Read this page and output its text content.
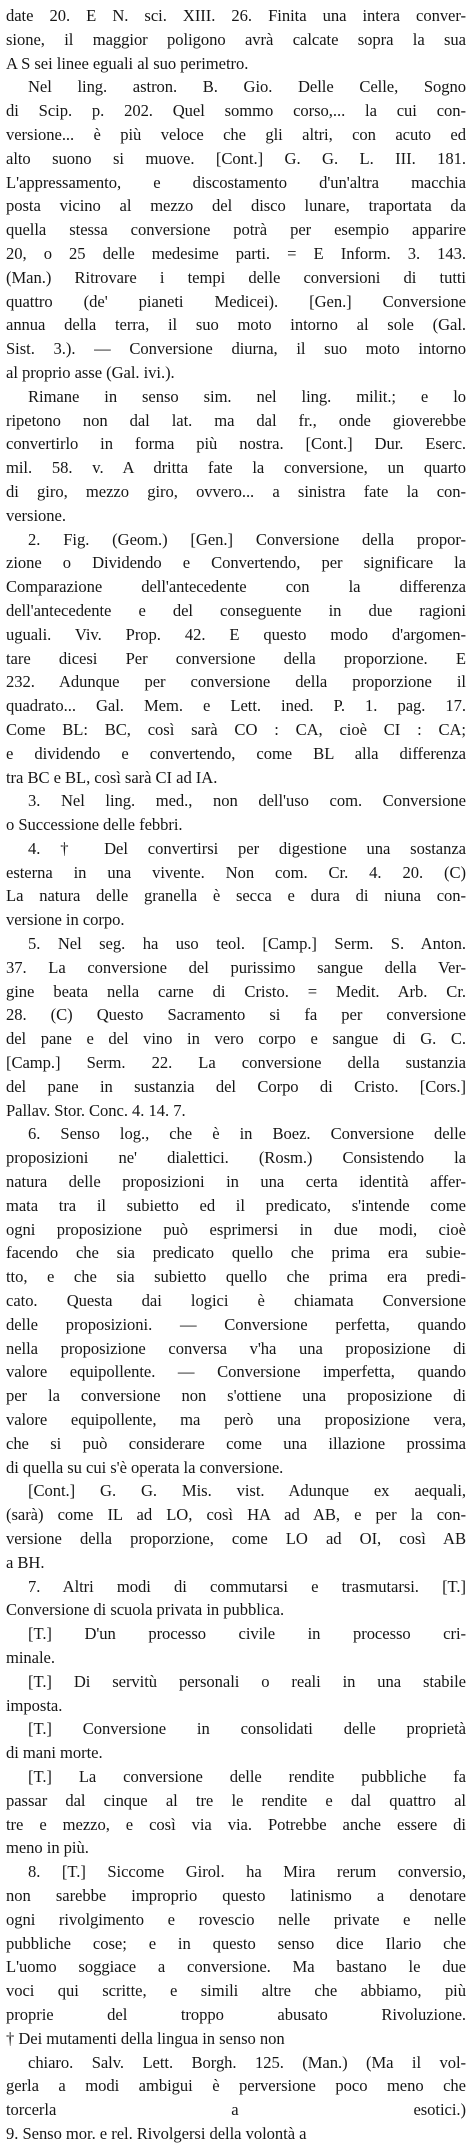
date 20. E N. sci. XIII. 26. Finita una intera conver-
sione, il maggior poligono avrà calcate sopra la sua
A S sei linee eguali al suo perimetro.
Nel ling. astron. B. Gio. Delle Celle, Sogno
di Scip. p. 202. Quel sommo corso,... la cui con-
versione... è più veloce che gli altri, con acuto ed
alto suono si muove. [Cont.] G. G. L. III. 181.
L'appressamento, e discostamento d'un'altra macchia
posta vicino al mezzo del disco lunare, traportata da
quella stessa conversione potrà per esempio apparire
20, o 25 delle medesime parti. = E Inform. 3. 143.
(Man.) Ritrovare i tempi delle conversioni di tutti
quattro (de' pianeti Medicei). [Gen.] Conversione
annua della terra, il suo moto intorno al sole (Gal.
Sist. 3.). — Conversione diurna, il suo moto intorno
al proprio asse (Gal. ivi.).
Rimane in senso sim. nel ling. milit.; e lo
ripetono non dal lat. ma dal fr., onde gioverebbe
convertirlo in forma più nostra. [Cont.] Dur. Eserc.
mil. 58. v. A dritta fate la conversione, un quarto
di giro, mezzo giro, ovvero... a sinistra fate la con-
versione.
2. Fig. (Geom.) [Gen.] Conversione della propor-
zione o Dividendo e Convertendo, per significare la
Comparazione dell'antecedente con la differenza
dell'antecedente e del conseguente in due ragioni
uguali. Viv. Prop. 42. E questo modo d'argomen-
tare dicesi Per conversione della proporzione. E
232. Adunque per conversione della proporzione il
quadrato... Gal. Mem. e Lett. ined. P. 1. pag. 17.
Come BL: BC, così sarà CO : CA, cioè CI : CA;
e dividendo e convertendo, come BL alla differenza
tra BC e BL, così sarà CI ad IA.
3. Nel ling. med., non dell'uso com. Conversione
o Successione delle febbri.
4. † Del convertirsi per digestione una sostanza
esterna in una vivente. Non com. Cr. 4. 20. (C)
La natura delle granella è secca e dura di niuna con-
versione in corpo.
5. Nel seg. ha uso teol. [Camp.] Serm. S. Anton.
37. La conversione del purissimo sangue della Ver-
gine beata nella carne di Cristo. = Medit. Arb. Cr.
28. (C) Questo Sacramento si fa per conversione
del pane e del vino in vero corpo e sangue di G. C.
[Camp.] Serm. 22. La conversione della sustanzia
del pane in sustanzia del Corpo di Cristo. [Cors.]
Pallav. Stor. Conc. 4. 14. 7.
6. Senso log., che è in Boez. Conversione delle
proposizioni ne' dialettici. (Rosm.) Consistendo la
natura delle proposizioni in una certa identità affer-
mata tra il subietto ed il predicato, s'intende come
ogni proposizione può esprimersi in due modi, cioè
facendo che sia predicato quello che prima era subie-
tto, e che sia subietto quello che prima era predi-
cato. Questa dai logici è chiamata Conversione
delle proposizioni. — Conversione perfetta, quando
nella proposizione conversa v'ha una proposizione di
valore equipollente. — Conversione imperfetta, quando
per la conversione non s'ottiene una proposizione di
valore equipollente, ma però una proposizione vera,
che si può considerare come una illazione prossima
di quella su cui s'è operata la conversione.
[Cont.] G. G. Mis. vist. Adunque ex aequali,
(sarà) come IL ad LO, così HA ad AB, e per la con-
versione della proporzione, come LO ad OI, così AB
a BH.
7. Altri modi di commutarsi e trasmutarsi. [T.]
Conversione di scuola privata in pubblica.
[T.] D'un processo civile in processo cri-
minale.
[T.] Di servitù personali o reali in una stabile
imposta.
[T.] Conversione in consolidati delle proprietà
di mani morte.
[T.] La conversione delle rendite pubbliche fa
passar dal cinque al tre le rendite e dal quattro al
tre e mezzo, e così via via. Potrebbe anche essere di
meno in più.
8. [T.] Siccome Girol. ha Mira rerum conversio,
non sarebbe improprio questo latinismo a denotare
ogni rivolgimento e rovescio nelle private e nelle
pubbliche cose; e in questo senso dice Ilario che
L'uomo soggiace a conversione. Ma bastano le due
voci qui scritte, e simili altre che abbiamo, più
proprie del troppo abusato Rivoluzione.
† Dei mutamenti della lingua in senso non
chiaro. Salv. Lett. Borgh. 125. (Man.) (Ma il vol-
gerla a modi ambigui è perversione poco meno che
torcerla a esotici.)
9. Senso mor. e rel. Rivolgersi della volontà a
